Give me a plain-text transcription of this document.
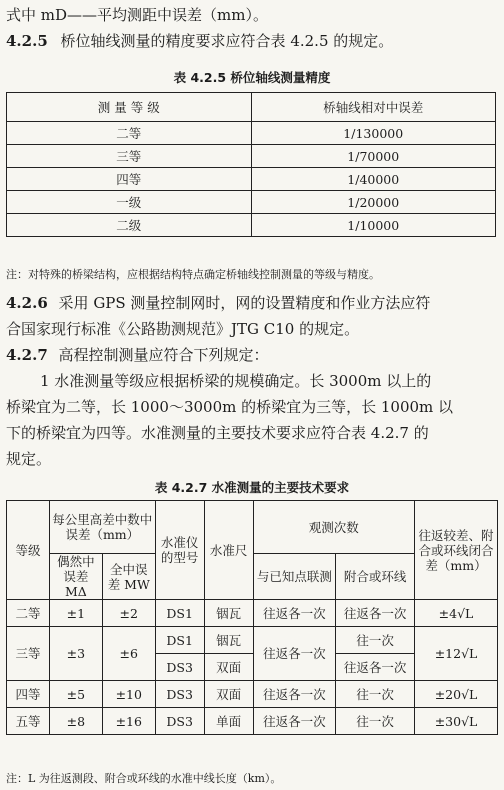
式中 mD——平均测距中误差（mm）。
4.2.5 桥位轴线测量的精度要求应符合表 4.2.5 的规定。
表 4.2.5 桥位轴线测量精度
测 量 等 级	桥轴线相对中误差
二等	1/130000
三等	1/70000
四等	1/40000
一级	1/20000
二级	1/10000
注：对特殊的桥梁结构，应根据结构特点确定桥轴线控制测量的等级与精度。
4.2.6 采用 GPS 测量控制网时，网的设置精度和作业方法应符
合国家现行标准《公路勘测规范》JTG C10 的规定。
4.2.7 高程控制测量应符合下列规定：
1 水准测量等级应根据桥梁的规模确定。长 3000m 以上的
桥梁宜为二等，长 1000～3000m 的桥梁宜为三等，长 1000m 以
下的桥梁宜为四等。水准测量的主要技术要求应符合表 4.2.7 的
规定。
表 4.2.7 水准测量的主要技术要求
等级	每公里高差中数中误差（mm）		水准仪的型号	水准尺	观测次数		往返较差、附合或环线闭合差（mm）
	偶然中误差 MΔ	全中误差 MW			与已知点联测	附合或环线	
二等	±1	±2	DS1	铟瓦	往返各一次	往返各一次	±4√L
三等	±3	±6	DS1	铟瓦	往返各一次	往一次	±12√L
			DS3	双面		往返各一次	
四等	±5	±10	DS3	双面	往返各一次	往一次	±20√L
五等	±8	±16	DS3	单面	往返各一次	往一次	±30√L
注：L 为往返测段、附合或环线的水准中线长度（km）。
